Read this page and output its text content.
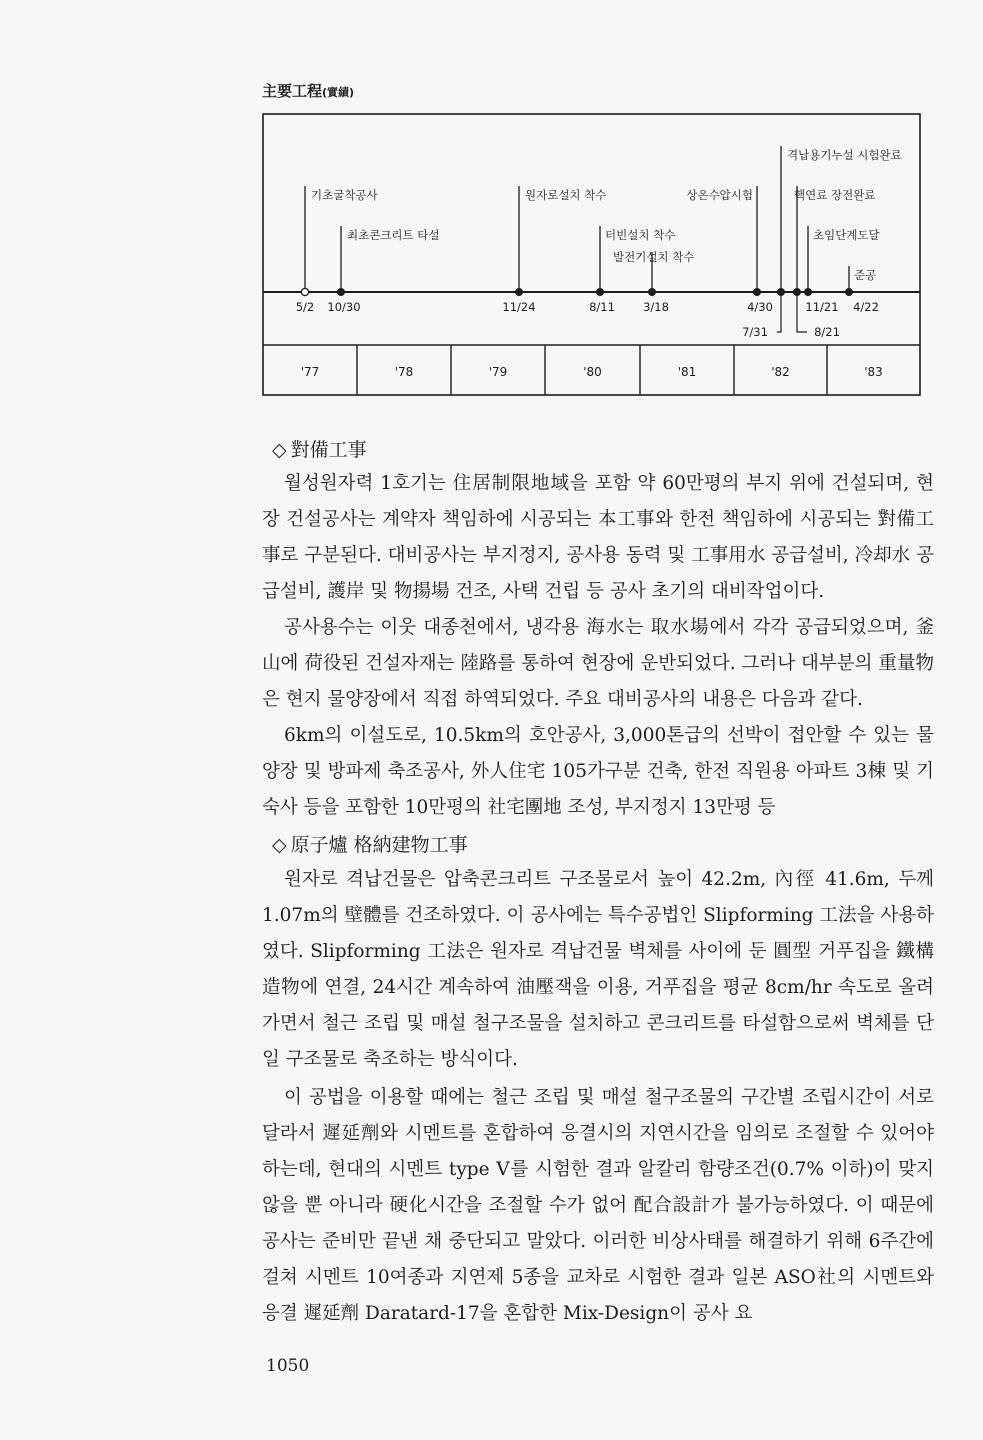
主要工程(實績)
'77	'78	'79	'80	'81	'82	'83
기초굴착공사
5/2
최초콘크리트 타설
10/30
원자로설치 착수
11/24
터빈설치 착수
8/11
발전기설치 착수
3/18
상온수압시험
4/30
격납용기누설 시험완료
7/31
핵연료 장전완료
8/21
초임단계도달
11/21
준공
4/22
◇ 對備工事

월성원자력 1호기는 住居制限地域을 포함 약 60만평의 부지 위에 건설되며, 현장 건설공사는 계약자 책임하에 시공되는 本工事와 한전 책임하에 시공되는 對備工事로 구분된다. 대비공사는 부지정지, 공사용 동력 및 工事用水 공급설비, 冷却水 공급설비, 護岸 및 物揚場 건조, 사택 건립 등 공사 초기의 대비작업이다.

공사용수는 이웃 대종천에서, 냉각용 海水는 取水場에서 각각 공급되었으며, 釜山에 荷役된 건설자재는 陸路를 통하여 현장에 운반되었다. 그러나 대부분의 重量物은 현지 물양장에서 직접 하역되었다. 주요 대비공사의 내용은 다음과 같다.

6km의 이설도로, 10.5km의 호안공사, 3,000톤급의 선박이 접안할 수 있는 물양장 및 방파제 축조공사, 外人住宅 105가구분 건축, 한전 직원용 아파트 3棟 및 기숙사 등을 포함한 10만평의 社宅團地 조성, 부지정지 13만평 등

◇ 原子爐 格納建物工事

원자로 격납건물은 압축콘크리트 구조물로서 높이 42.2m, 內徑 41.6m, 두께 1.07m의 壁體를 건조하였다. 이 공사에는 특수공법인 Slipforming 工法을 사용하였다. Slipforming 工法은 원자로 격납건물 벽체를 사이에 둔 圓型 거푸집을 鐵構造物에 연결, 24시간 계속하여 油壓잭을 이용, 거푸집을 평균 8cm/hr 속도로 올려가면서 철근 조립 및 매설 철구조물을 설치하고 콘크리트를 타설함으로써 벽체를 단일 구조물로 축조하는 방식이다.

이 공법을 이용할 때에는 철근 조립 및 매설 철구조물의 구간별 조립시간이 서로 달라서 遲延劑와 시멘트를 혼합하여 응결시의 지연시간을 임의로 조절할 수 있어야 하는데, 현대의 시멘트 type Ⅴ를 시험한 결과 알칼리 함량조건(0.7% 이하)이 맞지 않을 뿐 아니라 硬化시간을 조절할 수가 없어 配合設計가 불가능하였다. 이 때문에 공사는 준비만 끝낸 채 중단되고 말았다. 이러한 비상사태를 해결하기 위해 6주간에 걸쳐 시멘트 10여종과 지연제 5종을 교차로 시험한 결과 일본 ASO社의 시멘트와 응결 遲延劑 Daratard-17을 혼합한 Mix-Design이 공사 요

1050
